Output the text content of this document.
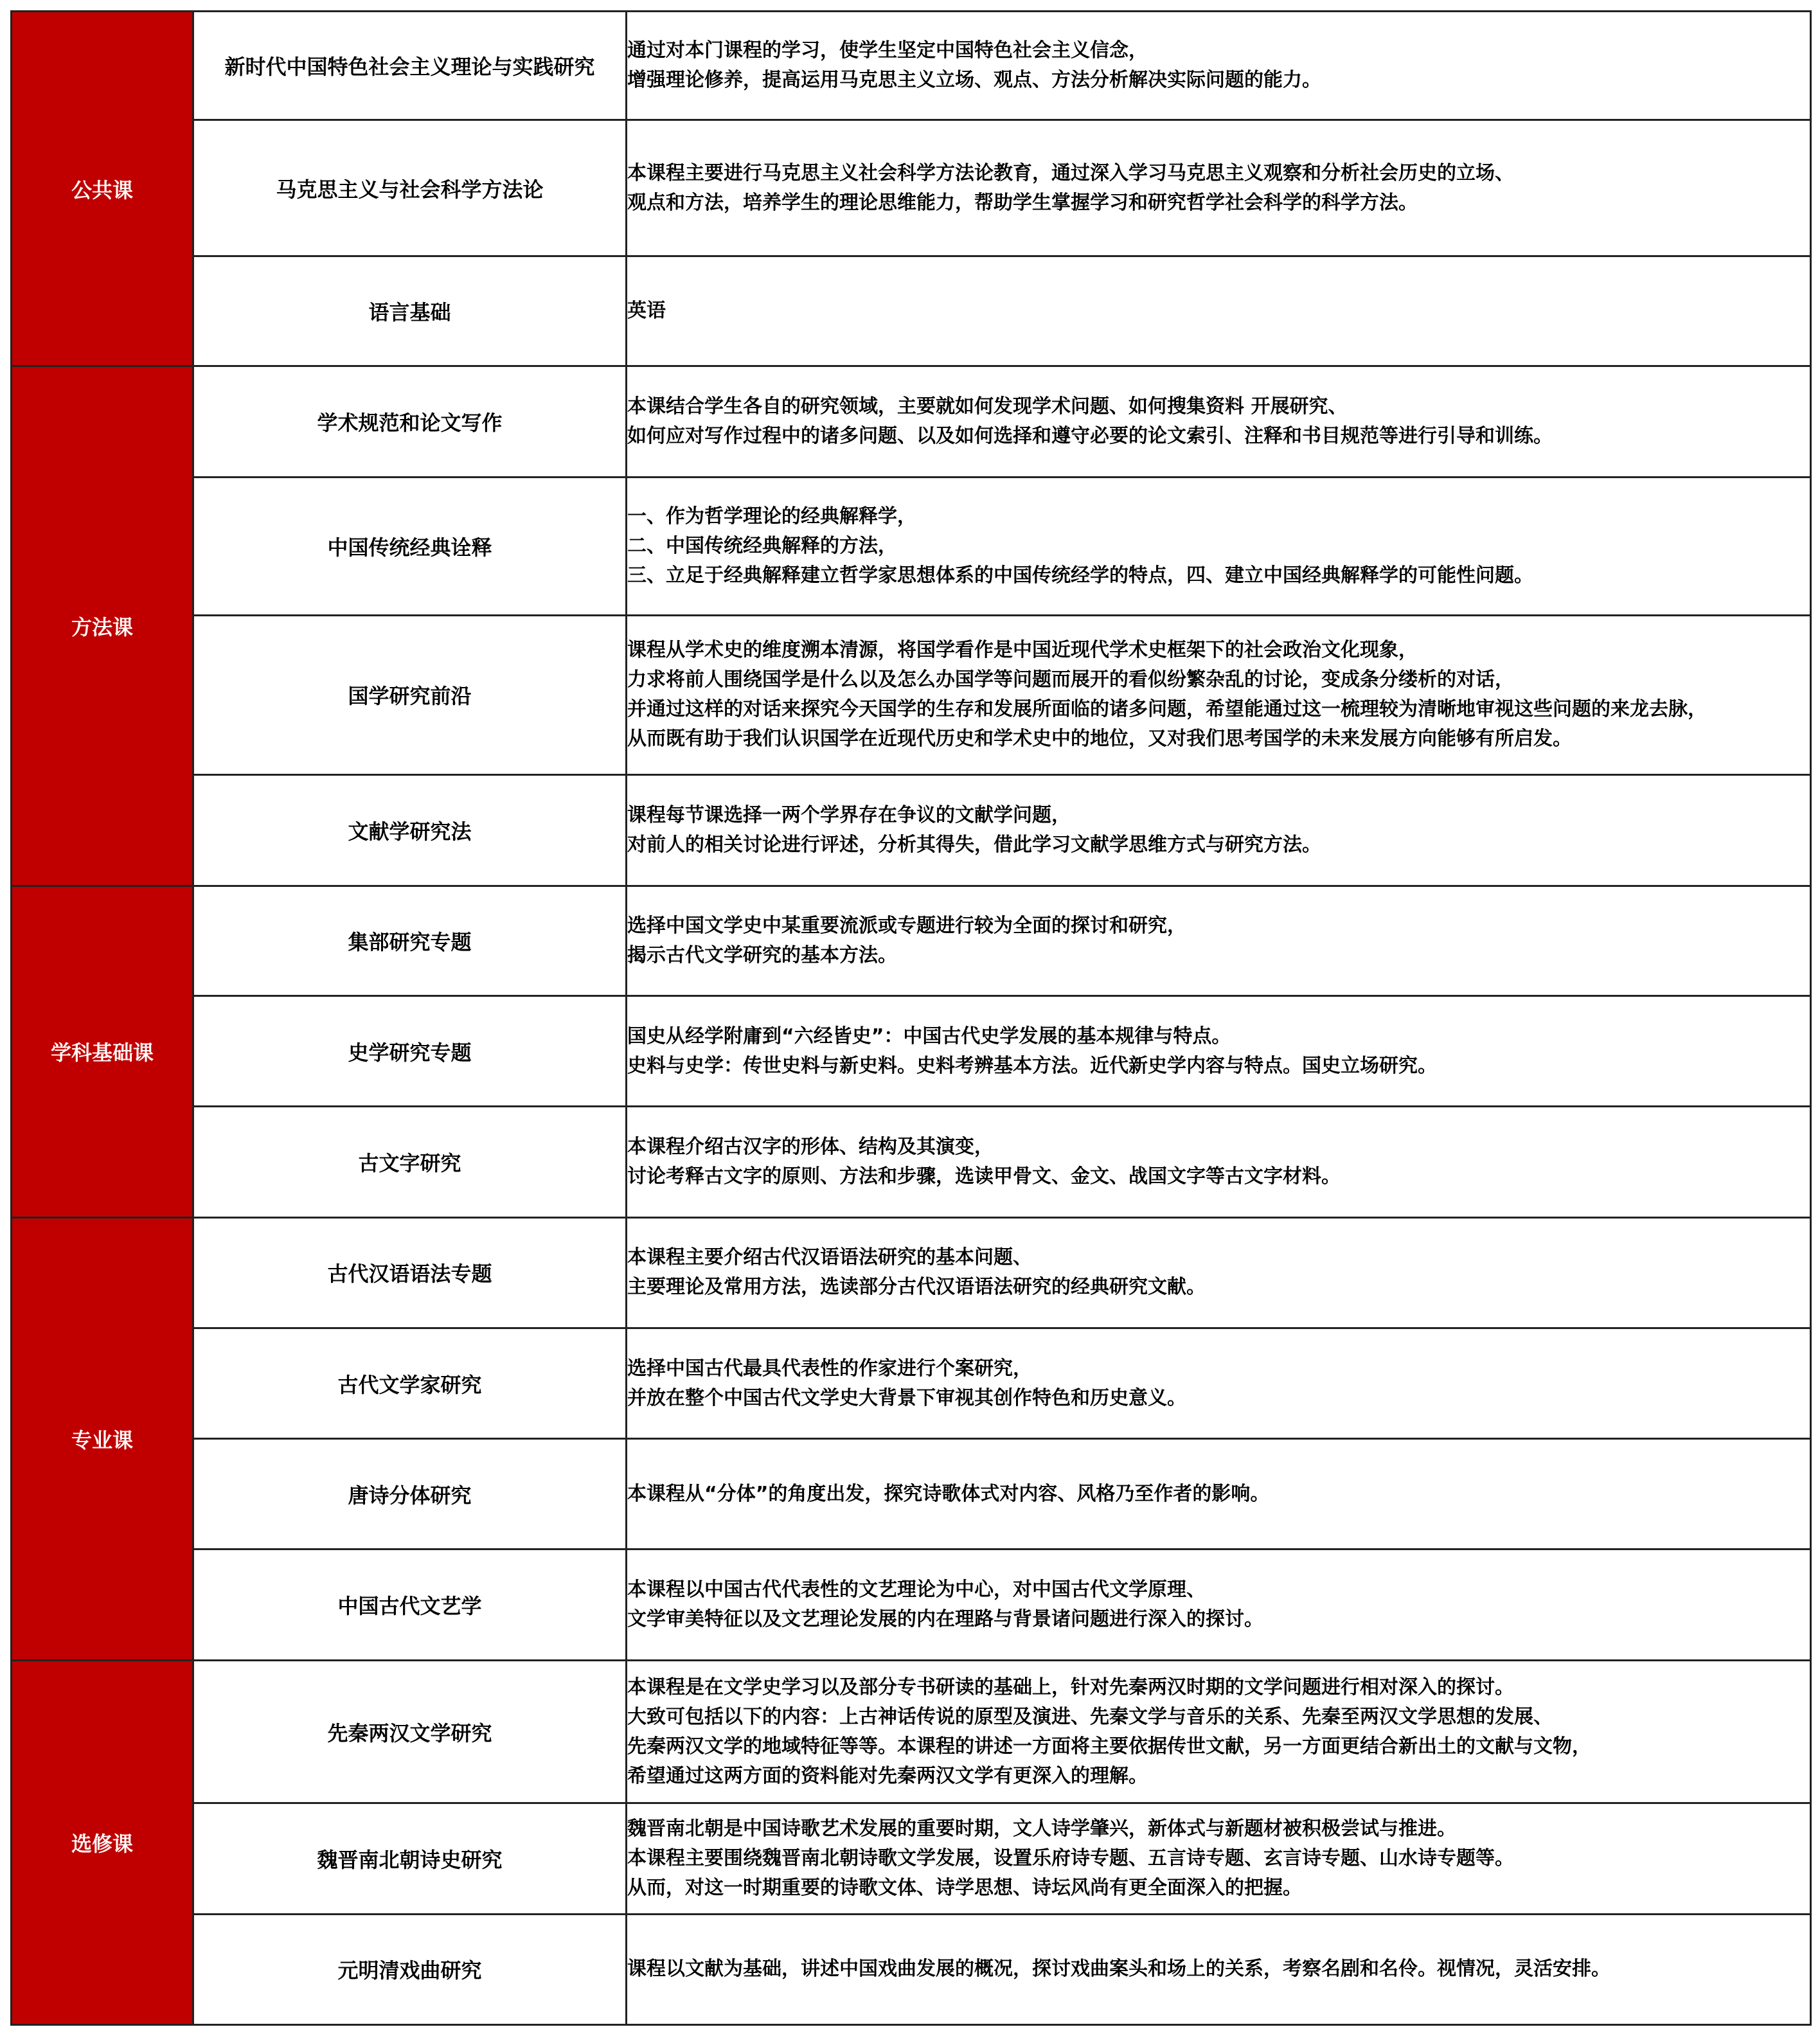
公共课	新时代中国特色社会主义理论与实践研究	通过对本门课程的学习，使学生坚定中国特色社会主义信念，
增强理论修养，提高运用马克思主义立场、观点、方法分析解决实际问题的能力。

	马克思主义与社会科学方法论	本课程主要进行马克思主义社会科学方法论教育，通过深入学习马克思主义观察和分析社会历史的立场、
观点和方法，培养学生的理论思维能力，帮助学生掌握学习和研究哲学社会科学的科学方法。

	语言基础	英语

方法课	学术规范和论文写作	本课结合学生各自的研究领域，主要就如何发现学术问题、如何搜集资料 开展研究、
如何应对写作过程中的诸多问题、以及如何选择和遵守必要的论文索引、注释和书目规范等进行引导和训练。

	中国传统经典诠释	一、作为哲学理论的经典解释学，
二、中国传统经典解释的方法，
三、立足于经典解释建立哲学家思想体系的中国传统经学的特点，四、建立中国经典解释学的可能性问题。

	国学研究前沿	课程从学术史的维度溯本清源，将国学看作是中国近现代学术史框架下的社会政治文化现象，
力求将前人围绕国学是什么以及怎么办国学等问题而展开的看似纷繁杂乱的讨论，变成条分缕析的对话，
并通过这样的对话来探究今天国学的生存和发展所面临的诸多问题，希望能通过这一梳理较为清晰地审视这些问题的来龙去脉，
从而既有助于我们认识国学在近现代历史和学术史中的地位，又对我们思考国学的未来发展方向能够有所启发。

	文献学研究法	课程每节课选择一两个学界存在争议的文献学问题，
对前人的相关讨论进行评述，分析其得失，借此学习文献学思维方式与研究方法。

学科基础课	集部研究专题	选择中国文学史中某重要流派或专题进行较为全面的探讨和研究，
揭示古代文学研究的基本方法。

	史学研究专题	国史从经学附庸到“六经皆史”：中国古代史学发展的基本规律与特点。
史料与史学：传世史料与新史料。史料考辨基本方法。近代新史学内容与特点。国史立场研究。

	古文字研究	本课程介绍古汉字的形体、结构及其演变，
讨论考释古文字的原则、方法和步骤，选读甲骨文、金文、战国文字等古文字材料。

专业课	古代汉语语法专题	本课程主要介绍古代汉语语法研究的基本问题、
主要理论及常用方法，选读部分古代汉语语法研究的经典研究文献。

	古代文学家研究	选择中国古代最具代表性的作家进行个案研究，
并放在整个中国古代文学史大背景下审视其创作特色和历史意义。

	唐诗分体研究	本课程从“分体”的角度出发，探究诗歌体式对内容、风格乃至作者的影响。

	中国古代文艺学	本课程以中国古代代表性的文艺理论为中心，对中国古代文学原理、
文学审美特征以及文艺理论发展的内在理路与背景诸问题进行深入的探讨。

选修课	先秦两汉文学研究	本课程是在文学史学习以及部分专书研读的基础上，针对先秦两汉时期的文学问题进行相对深入的探讨。
大致可包括以下的内容：上古神话传说的原型及演进、先秦文学与音乐的关系、先秦至两汉文学思想的发展、
先秦两汉文学的地域特征等等。本课程的讲述一方面将主要依据传世文献，另一方面更结合新出土的文献与文物，
希望通过这两方面的资料能对先秦两汉文学有更深入的理解。

	魏晋南北朝诗史研究	魏晋南北朝是中国诗歌艺术发展的重要时期，文人诗学肇兴，新体式与新题材被积极尝试与推进。
本课程主要围绕魏晋南北朝诗歌文学发展，设置乐府诗专题、五言诗专题、玄言诗专题、山水诗专题等。
从而，对这一时期重要的诗歌文体、诗学思想、诗坛风尚有更全面深入的把握。

	元明清戏曲研究	课程以文献为基础，讲述中国戏曲发展的概况，探讨戏曲案头和场上的关系，考察名剧和名伶。视情况，灵活安排。
